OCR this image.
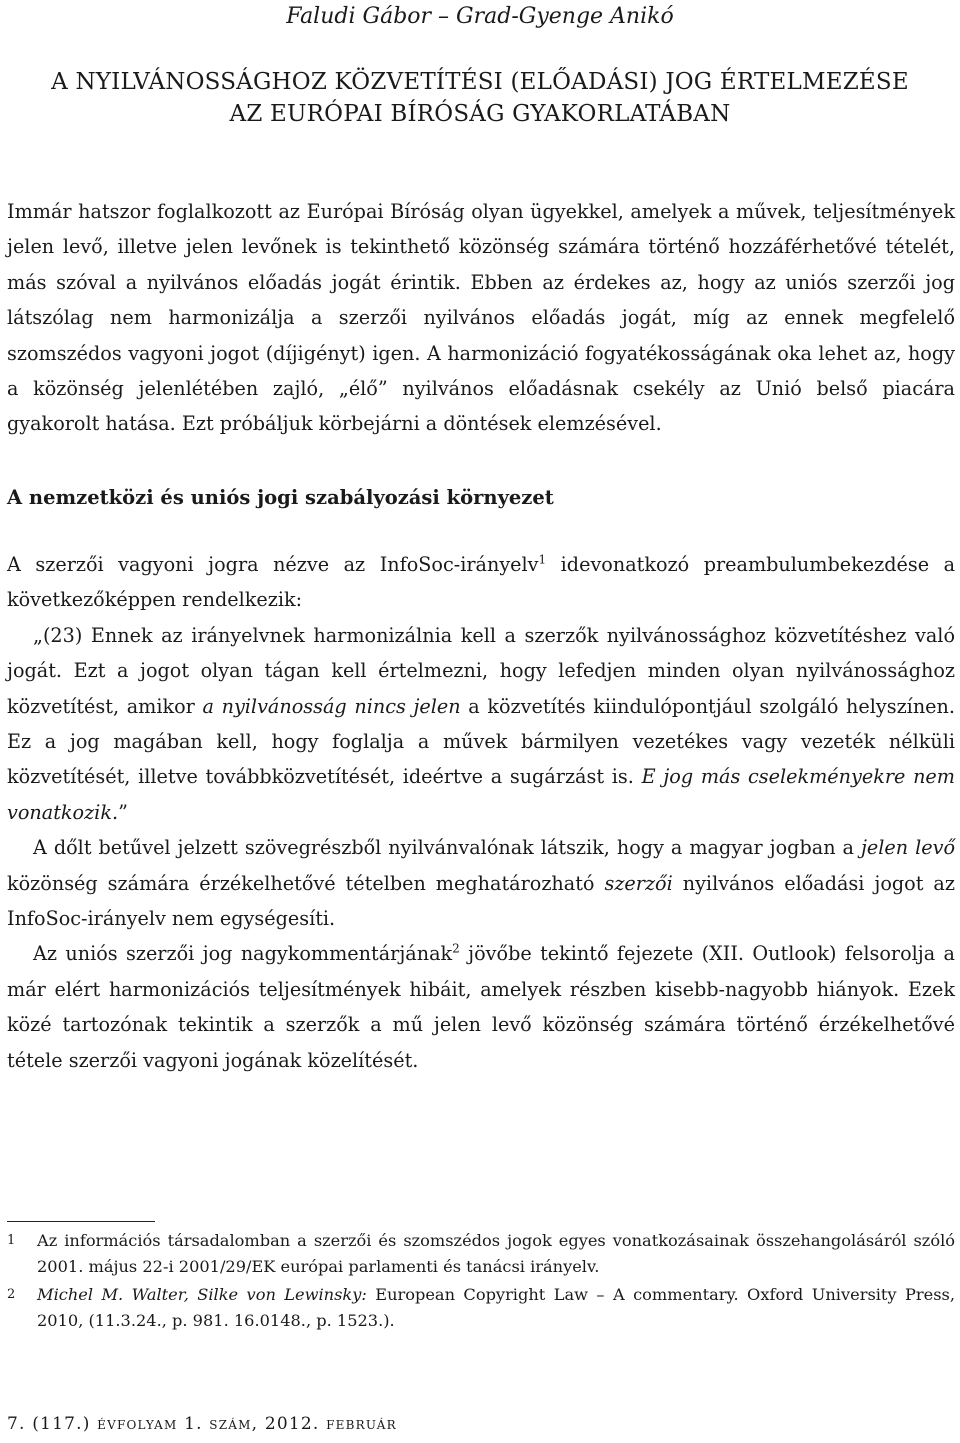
Faludi Gábor – Grad-Gyenge Anikó
A NYILVÁNOSSÁGHOZ KÖZVETÍTÉSI (ELŐADÁSI) JOG ÉRTELMEZÉSE
AZ EURÓPAI BÍRÓSÁG GYAKORLATÁBAN

Immár hatszor foglalkozott az Európai Bíróság olyan ügyekkel, amelyek a művek, teljesítmények jelen levő, illetve jelen levőnek is tekinthető közönség számára történő hozzáférhetővé tételét, más szóval a nyilvános előadás jogát érintik. Ebben az érdekes az, hogy az uniós szerzői jog látszólag nem harmonizálja a szerzői nyilvános előadás jogát, míg az ennek megfelelő szomszédos vagyoni jogot (díjigényt) igen. A harmonizáció fogyatékosságának oka lehet az, hogy a közönség jelenlétében zajló, „élő” nyilvános előadásnak csekély az Unió belső piacára gyakorolt hatása. Ezt próbáljuk körbejárni a döntések elemzésével.

A nemzetközi és uniós jogi szabályozási környezet

A szerzői vagyoni jogra nézve az InfoSoc-irányelv$^1$ idevonatkozó preambulumbekezdése a következőképpen rendelkezik:

„(23) Ennek az irányelvnek harmonizálnia kell a szerzők nyilvánossághoz közvetítéshez való jogát. Ezt a jogot olyan tágan kell értelmezni, hogy lefedjen minden olyan nyilvánossághoz közvetítést, amikor a nyilvánosság nincs jelen a közvetítés kiindulópontjául szolgáló helyszínen. Ez a jog magában kell, hogy foglalja a művek bármilyen vezetékes vagy vezeték nélküli közvetítését, illetve továbbközvetítését, ideértve a sugárzást is. E jog más cselekményekre nem vonatkozik.”

A dőlt betűvel jelzett szövegrészből nyilvánvalónak látszik, hogy a magyar jogban a jelen levő közönség számára érzékelhetővé tételben meghatározható szerzői nyilvános előadási jogot az InfoSoc-irányelv nem egységesíti.

Az uniós szerzői jog nagykommentárjának$^2$ jövőbe tekintő fejezete (XII. Outlook) felsorolja a már elért harmonizációs teljesítmények hibáit, amelyek részben kisebb-nagyobb hiányok. Ezek közé tartozónak tekintik a szerzők a mű jelen levő közönség számára történő érzékelhetővé tétele szerzői vagyoni jogának közelítését.

1	Az információs társadalomban a szerzői és szomszédos jogok egyes vonatkozásainak összehangolásáról szóló 2001. május 22-i 2001/29/EK európai parlamenti és tanácsi irányelv.
2	Michel M. Walter, Silke von Lewinsky: European Copyright Law – A commentary. Oxford University Press, 2010, (11.3.24., p. 981. 16.0148., p. 1523.).
7. (117.) évfolyam 1. szám, 2012. február
